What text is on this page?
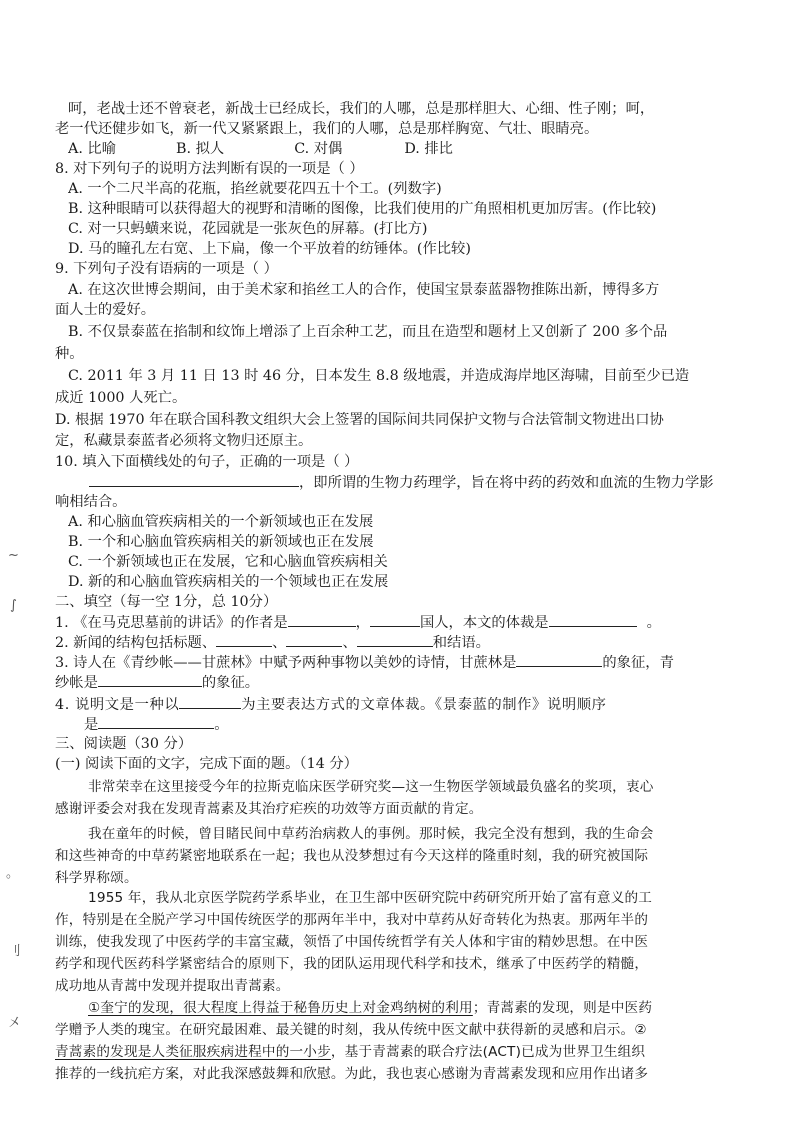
呵，老战士还不曾衰老，新战士已经成长，我们的人哪，总是那样胆大、心细、性子刚；呵，
老一代还健步如飞，新一代又紧紧跟上，我们的人哪，总是那样胸宽、气壮、眼睛亮。
A. 比喻	B. 拟人	C. 对偶	D. 排比
8. 对下列句子的说明方法判断有误的一项是（ ）
A. 一个二尺半高的花瓶，掐丝就要花四五十个工。(列数字)
B. 这种眼睛可以获得超大的视野和清晰的图像，比我们使用的广角照相机更加厉害。(作比较)
C. 对一只蚂蟥来说，花园就是一张灰色的屏幕。(打比方)
D. 马的瞳孔左右宽、上下扁，像一个平放着的纺锤体。(作比较)
9. 下列句子没有语病的一项是（ ）
A. 在这次世博会期间，由于美术家和掐丝工人的合作，使国宝景泰蓝器物推陈出新，博得多方
面人士的爱好。
B. 不仅景泰蓝在掐制和纹饰上增添了上百余种工艺，而且在造型和题材上又创新了 200 多个品
种。
C. 2011 年 3 月 11 日 13 时 46 分，日本发生 8.8 级地震，并造成海岸地区海啸，目前至少已造
成近 1000 人死亡。
D. 根据 1970 年在联合国科教文组织大会上签署的国际间共同保护文物与合法管制文物进出口协
定，私藏景泰蓝者必须将文物归还原主。
10. 填入下面横线处的句子，正确的一项是（ ）
，即所谓的生物力药理学，旨在将中药的药效和血流的生物力学影
响相结合。
A. 和心脑血管疾病相关的一个新领域也正在发展
B. 一个和心脑血管疾病相关的新领域也正在发展
C. 一个新领域也正在发展，它和心脑血管疾病相关
D. 新的和心脑血管疾病相关的一个领域也正在发展
二、填空（每一空 1分，总 10分）
1. 《在马克思墓前的讲话》的作者是	，	国人，本文的体裁是	。
2. 新闻的结构包括标题、	、	、	和结语。
3. 诗人在《青纱帐——甘蔗林》中赋予两种事物以美妙的诗情，甘蔗林是	的象征，青
纱帐是	的象征。
4. 说明文是一种以	为主要表达方式的文章体裁。《景泰蓝的制作》说明顺序
是	。
三、阅读题（30 分）
(一) 阅读下面的文字，完成下面的题。（14 分）
非常荣幸在这里接受今年的拉斯克临床医学研究奖—这一生物医学领域最负盛名的奖项，衷心
感谢评委会对我在发现青蒿素及其治疗疟疾的功效等方面贡献的肯定。
我在童年的时候，曾目睹民间中草药治病救人的事例。那时候，我完全没有想到，我的生命会
和这些神奇的中草药紧密地联系在一起；我也从没梦想过有今天这样的隆重时刻，我的研究被国际
科学界称颂。
1955 年，我从北京医学院药学系毕业，在卫生部中医研究院中药研究所开始了富有意义的工
作，特别是在全脱产学习中国传统医学的那两年半中，我对中草药从好奇转化为热衷。那两年半的
训练，使我发现了中医药学的丰富宝藏，领悟了中国传统哲学有关人体和宇宙的精妙思想。在中医
药学和现代医药科学紧密结合的原则下，我的团队运用现代科学和技术，继承了中医药学的精髓，
成功地从青蒿中发现并提取出青蒿素。
①奎宁的发现，很大程度上得益于秘鲁历史上对金鸡纳树的利用；青蒿素的发现，则是中医药
学赠予人类的瑰宝。在研究最困难、最关键的时刻，我从传统中医文献中获得新的灵感和启示。②
青蒿素的发现是人类征服疾病进程中的一小步，基于青蒿素的联合疗法(ACT)已成为世界卫生组织
推荐的一线抗疟方案，对此我深感鼓舞和欣慰。为此，我也衷心感谢为青蒿素发现和应用作出诸多
~
∫
。
刂
㐅
